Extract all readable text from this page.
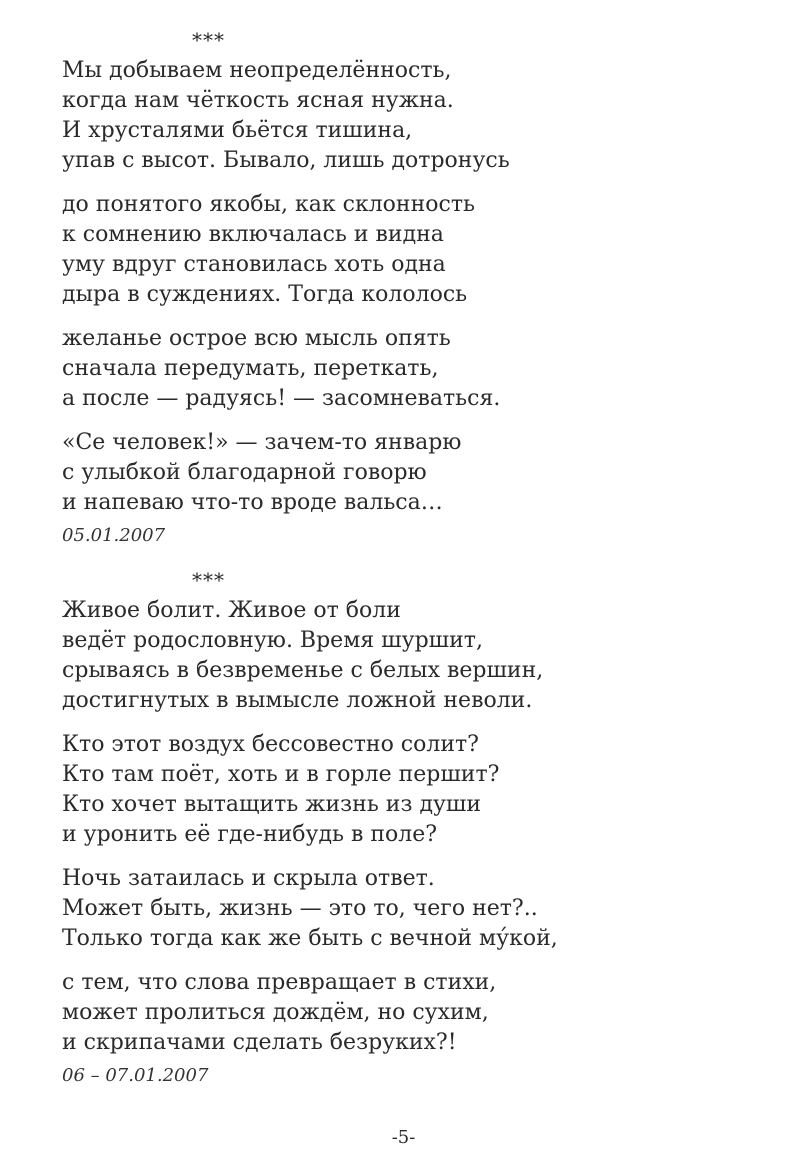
***
Мы добываем неопределённость,
когда нам чёткость ясная нужна.
И хрусталями бьётся тишина,
упав с высот. Бывало, лишь дотронусь
до понятого якобы, как склонность
к сомнению включалась и видна
уму вдруг становилась хоть одна
дыра в суждениях. Тогда кололось
желанье острое всю мысль опять
сначала передумать, переткать,
а после — радуясь! — засомневаться.
«Се человек!» — зачем-то январю
с улыбкой благодарной говорю
и напеваю что-то вроде вальса…
05.01.2007
***
Живое болит. Живое от боли
ведёт родословную. Время шуршит,
срываясь в безвременье с белых вершин,
достигнутых в вымысле ложной неволи.
Кто этот воздух бессовестно солит?
Кто там поёт, хоть и в горле першит?
Кто хочет вытащить жизнь из души
и уронить её где-нибудь в поле?
Ночь затаилась и скрыла ответ.
Может быть, жизнь — это то, чего нет?..
Только тогда как же быть с вечной му́кой,
с тем, что слова превращает в стихи,
может пролиться дождём, но сухим,
и скрипачами сделать безруких?!
06 – 07.01.2007
-5-
